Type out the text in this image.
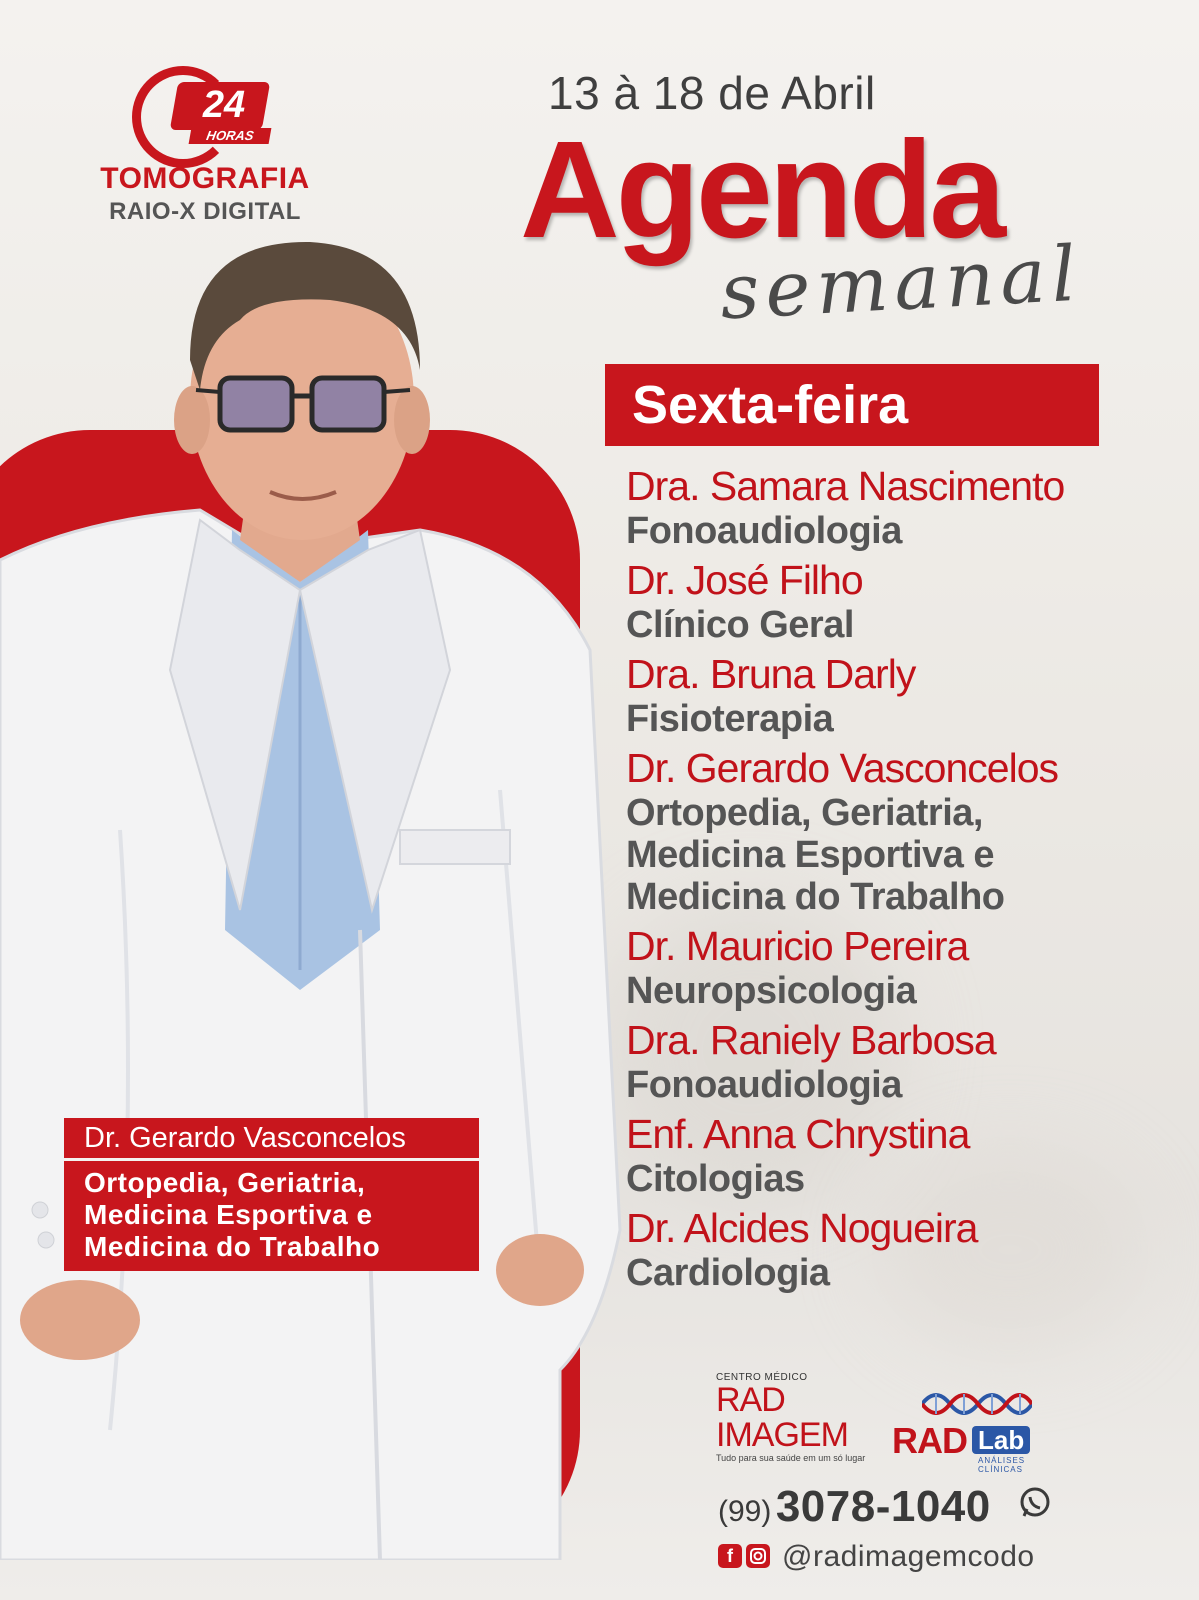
24
HORAS
TOMOGRAFIA
RAIO-X DIGITAL
13 à 18 de Abril
Agenda
semanal
Sexta-feira
Dra. Samara Nascimento
Fonoaudiologia
Dr. José Filho
Clínico Geral
Dra. Bruna Darly
Fisioterapia
Dr. Gerardo Vasconcelos
Ortopedia, Geriatria, Medicina Esportiva e Medicina do Trabalho
Dr. Mauricio Pereira
Neuropsicologia
Dra. Raniely Barbosa
Fonoaudiologia
Enf. Anna Chrystina
Citologias
Dr. Alcides Nogueira
Cardiologia
Dr. Gerardo Vasconcelos
Ortopedia, Geriatria, Medicina Esportiva e Medicina do Trabalho
CENTRO MÉDICO
RAD
IMAGEM
Tudo para sua saúde em um só lugar RAD Lab
ANÁLISES CLÍNICAS
(99) 3078-1040
f	@radimagemcodo
